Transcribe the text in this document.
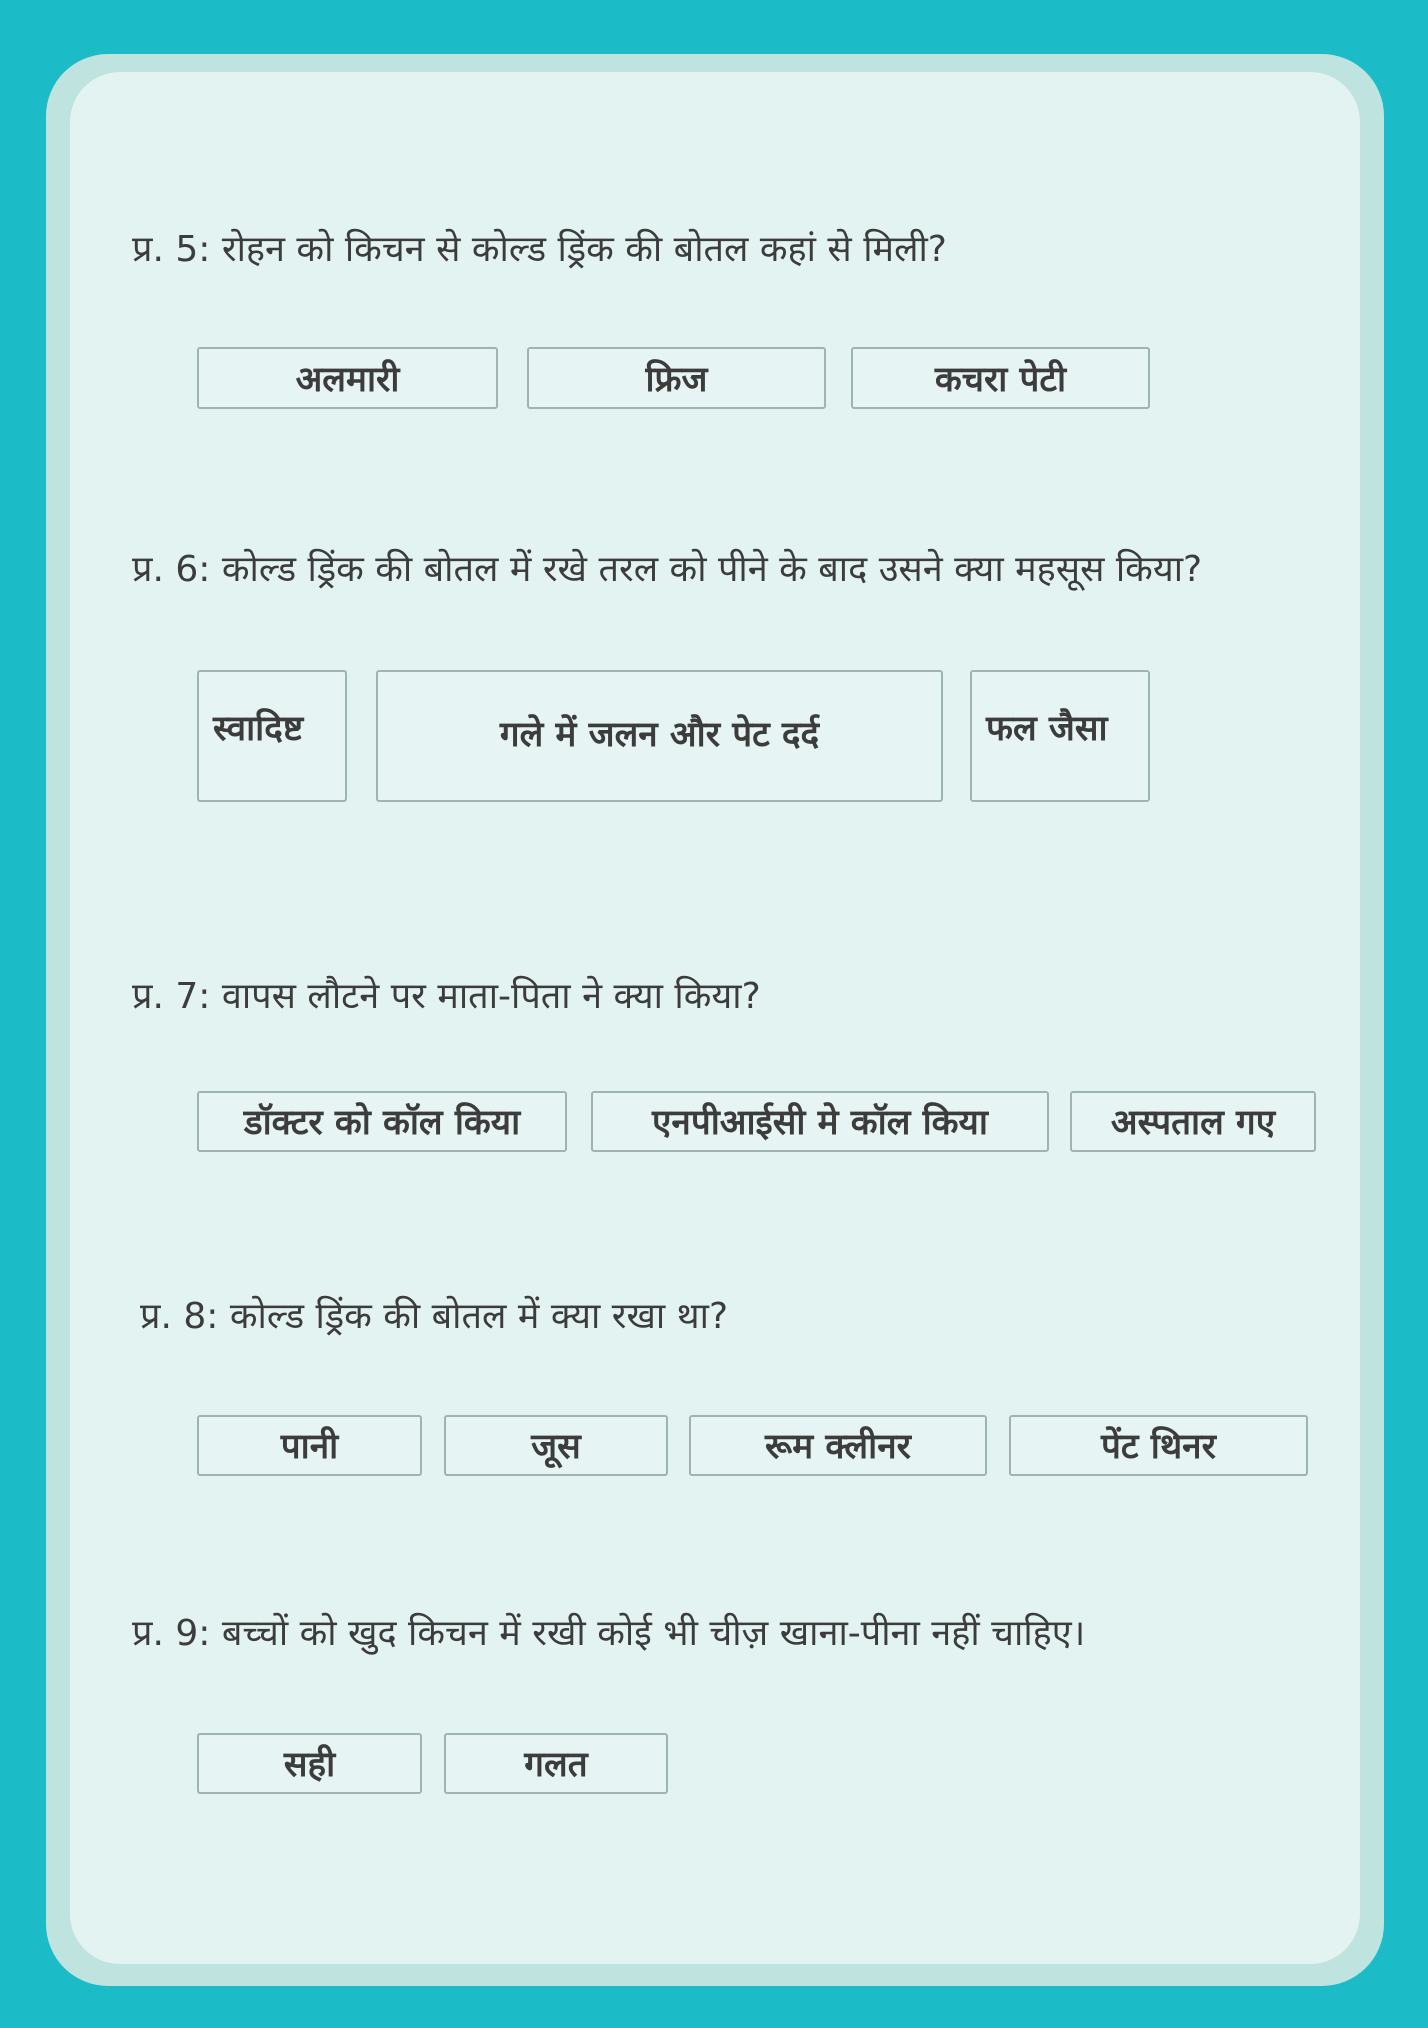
प्र. 5: रोहन को किचन से कोल्ड ड्रिंक की बोतल कहां से मिली?
अलमारी	फ्रिज	कचरा पेटी
प्र. 6: कोल्ड ड्रिंक की बोतल में रखे तरल को पीने के बाद उसने क्या महसूस किया?
स्वादिष्ट	गले में जलन और पेट दर्द	फल जैसा
प्र. 7: वापस लौटने पर माता-पिता ने क्या किया?
डॉक्टर को कॉल किया	एनपीआईसी मे कॉल किया	अस्पताल गए
प्र. 8: कोल्ड ड्रिंक की बोतल में क्या रखा था?
पानी	जूस	रूम क्लीनर	पेंट थिनर
प्र. 9: बच्चों को खुद किचन में रखी कोई भी चीज़ खाना-पीना नहीं चाहिए।
सही	गलत
